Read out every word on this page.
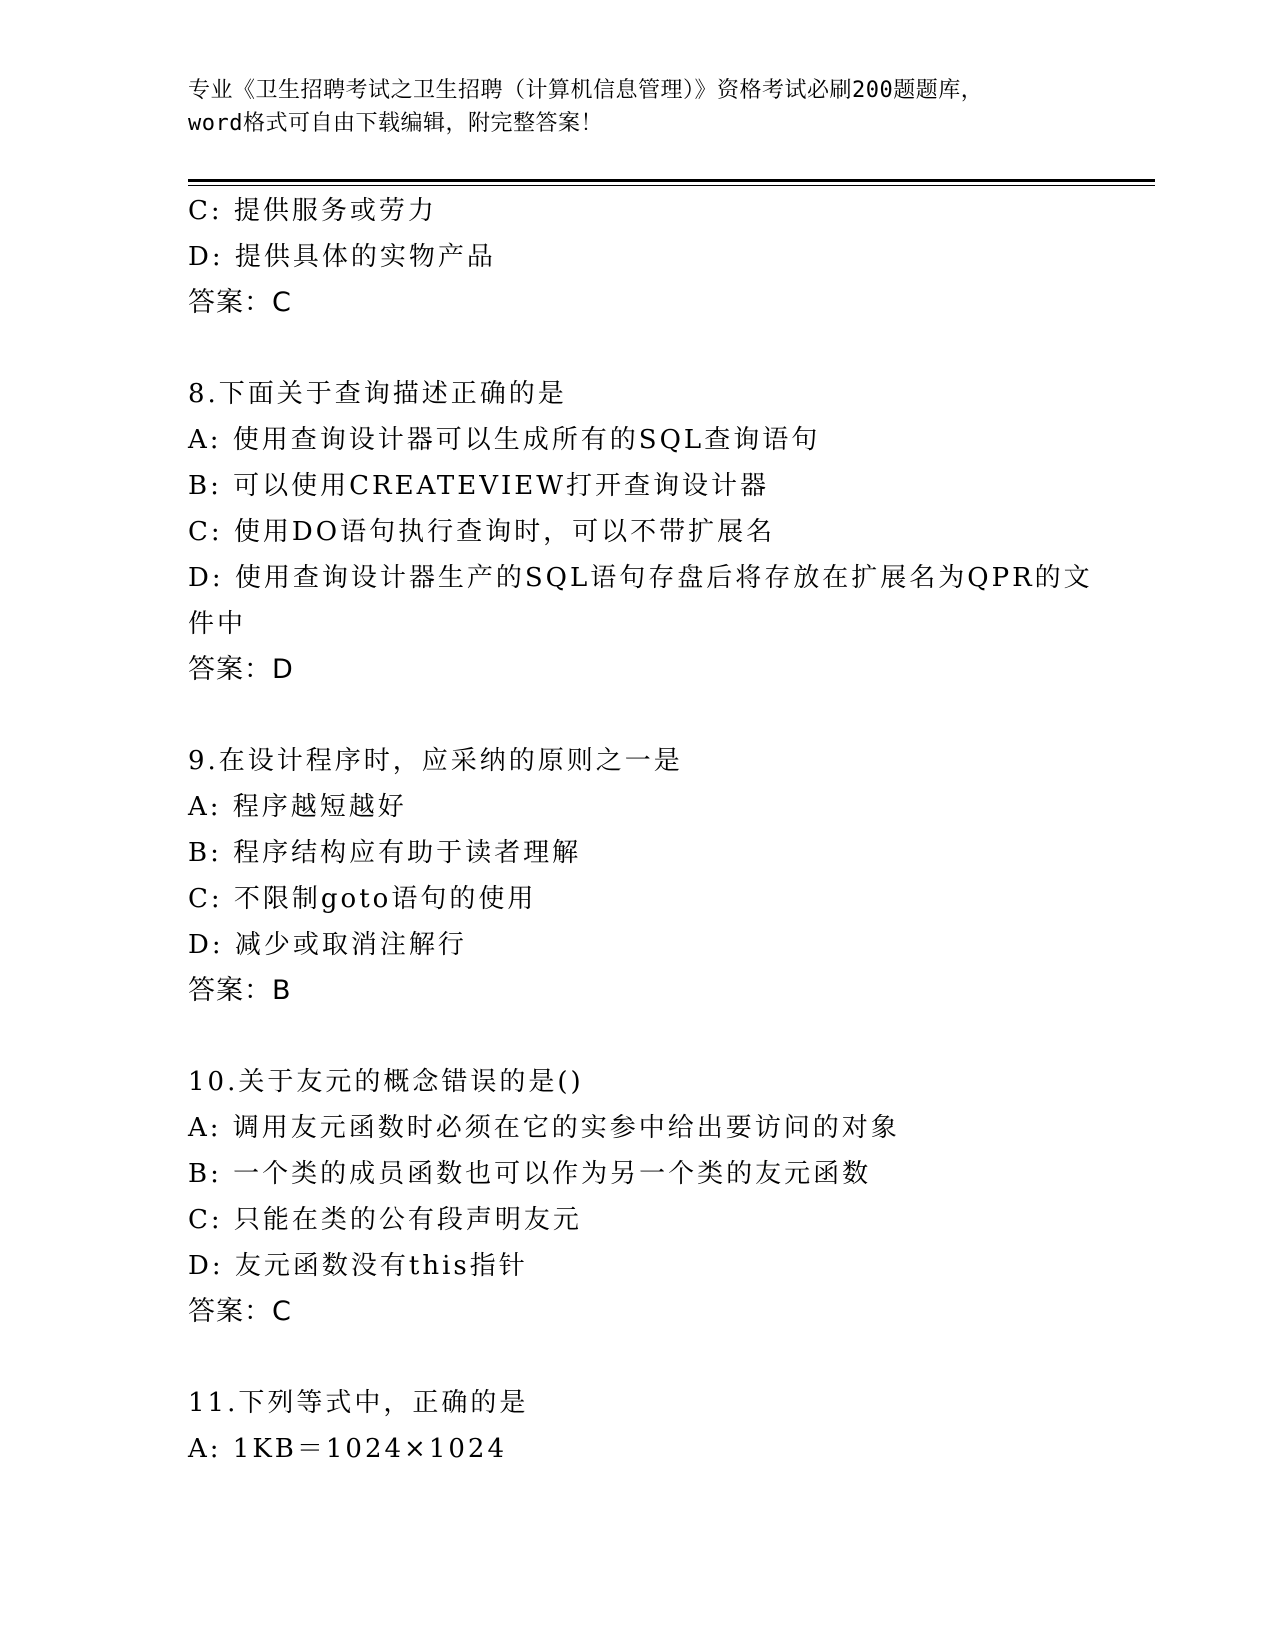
专业《卫生招聘考试之卫生招聘（计算机信息管理）》资格考试必刷200题题库，
word格式可自由下载编辑，附完整答案！
C: 提供服务或劳力
D: 提供具体的实物产品
答案：C
8.下面关于查询描述正确的是
A: 使用查询设计器可以生成所有的SQL查询语句
B: 可以使用CREATEVIEW打开查询设计器
C: 使用DO语句执行查询时，可以不带扩展名
D: 使用查询设计器生产的SQL语句存盘后将存放在扩展名为QPR的文
件中
答案：D
9.在设计程序时，应采纳的原则之一是
A: 程序越短越好
B: 程序结构应有助于读者理解
C: 不限制goto语句的使用
D: 减少或取消注解行
答案：B
10.关于友元的概念错误的是()
A: 调用友元函数时必须在它的实参中给出要访问的对象
B: 一个类的成员函数也可以作为另一个类的友元函数
C: 只能在类的公有段声明友元
D: 友元函数没有this指针
答案：C
11.下列等式中，正确的是
A: 1KB＝1024×1024
